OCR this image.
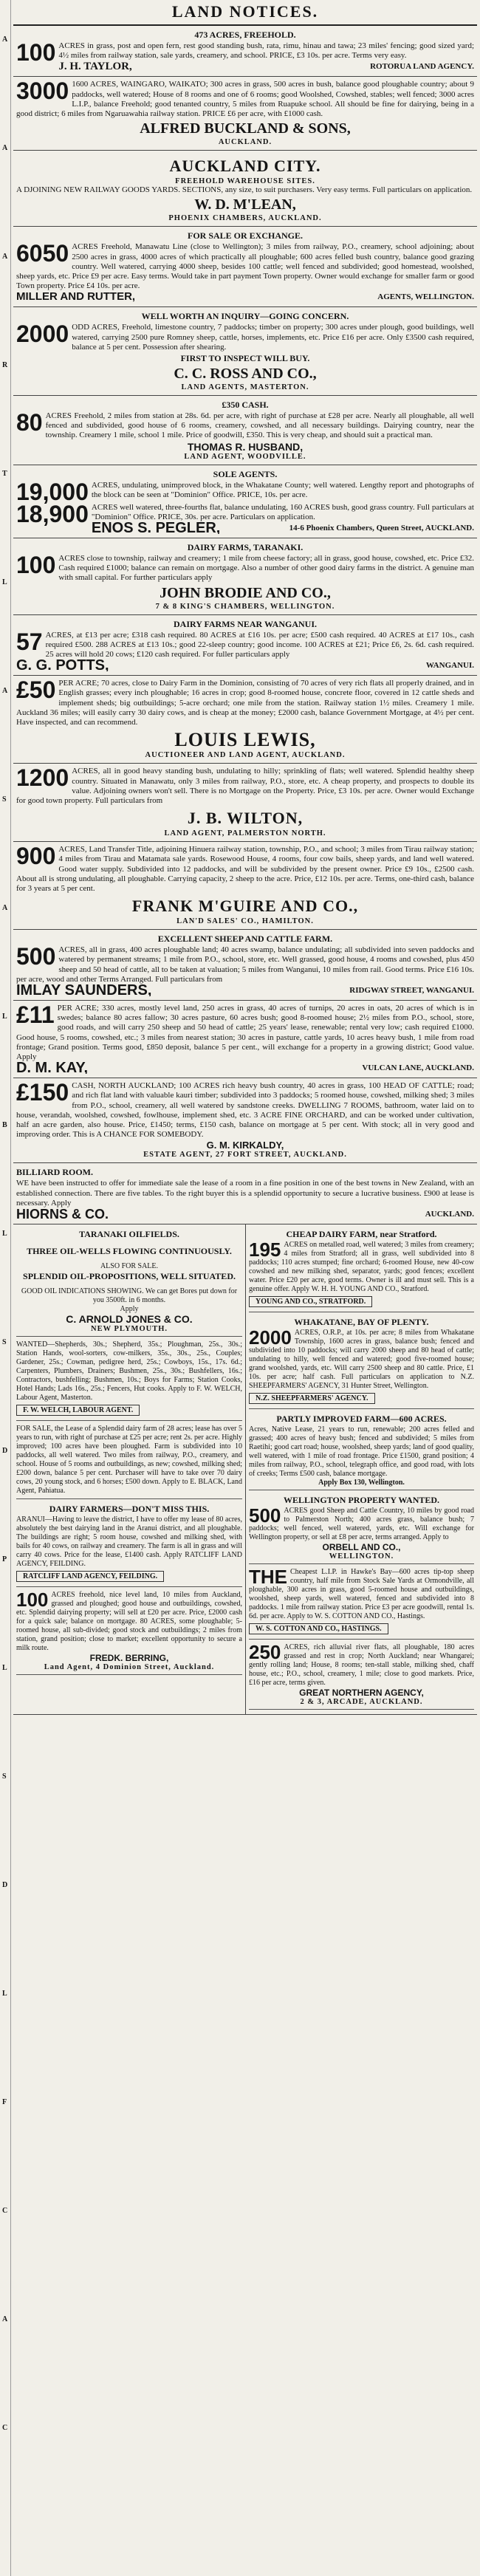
A
A
A
R
T
L
A
S
A
L
B
L
S
D
P
L
S
D
L
F
C
A
C
LAND NOTICES.
473 ACRES, FREEHOLD.
100 ACRES in grass, post and open fern, rest good standing bush, rata, rimu, hinau and tawa; 23 miles' fencing; good sized yard; 4½ miles from railway station, sale yards, creamery, and school. PRICE, £3 10s. per acre. Terms very easy.

J. H. TAYLOR,	ROTORUA LAND AGENCY.
3000 1600 ACRES, WAINGARO, WAIKATO; 300 acres in grass, 500 acres in bush, balance good ploughable country; about 9 paddocks, well watered; House of 8 rooms and one of 6 rooms; good Woolshed, Cowshed, stables; well fenced; 3000 acres L.I.P., balance Freehold; good tenanted country, 5 miles from Ruapuke school. All should be fine for dairying, being in a good district; 6 miles from Ngaruawahia railway station. PRICE £6 per acre, with £1000 cash.

ALFRED BUCKLAND & SONS,
AUCKLAND.
AUCKLAND CITY.
FREEHOLD WAREHOUSE SITES.

A DJOINING NEW RAILWAY GOODS YARDS. SECTIONS, any size, to suit purchasers. Very easy terms. Full particulars on application.

W. D. M'LEAN,
PHOENIX CHAMBERS, AUCKLAND.
FOR SALE OR EXCHANGE.
6050 ACRES Freehold, Manawatu Line (close to Wellington); 3 miles from railway, P.O., creamery, school adjoining; about 2500 acres in grass, 4000 acres of which practically all ploughable; 600 acres felled bush country, balance good grazing country. Well watered, carrying 4000 sheep, besides 100 cattle; well fenced and subdivided; good homestead, woolshed, sheep yards, etc. Price £9 per acre. Easy terms. Would take in part payment Town property. Owner would exchange for smaller farm or good Town property. Price £4 10s. per acre.

MILLER AND RUTTER,	AGENTS, WELLINGTON.
WELL WORTH AN INQUIRY—GOING CONCERN.
2000 ODD ACRES, Freehold, limestone country, 7 paddocks; timber on property; 300 acres under plough, good buildings, well watered, carrying 2500 pure Romney sheep, cattle, horses, implements, etc. Price £16 per acre. Only £3500 cash required, balance at 5 per cent. Possession after shearing.

FIRST TO INSPECT WILL BUY.
C. C. ROSS AND CO.,
LAND AGENTS, MASTERTON.
£350 CASH.
80 ACRES Freehold, 2 miles from station at 28s. 6d. per acre, with right of purchase at £28 per acre. Nearly all ploughable, all well fenced and subdivided, good house of 6 rooms, creamery, cowshed, and all necessary buildings. Dairying country, near the township. Creamery 1 mile, school 1 mile. Price of goodwill, £350. This is very cheap, and should suit a practical man.

THOMAS R. HUSBAND,
LAND AGENT, WOODVILLE.
SOLE AGENTS.
19,000 ACRES, undulating, unimproved block, in the Whakatane County; well watered. Lengthy report and photographs of the block can be seen at "Dominion" Office. PRICE, 10s. per acre.

18,900 ACRES well watered, three-fourths flat, balance undulating, 160 ACRES bush, good grass country. Full particulars at "Dominion" Office. PRICE, 30s. per acre. Particulars on application.

ENOS S. PEGLER,	14-6 Phoenix Chambers, Queen Street, AUCKLAND.
DAIRY FARMS, TARANAKI.
100 ACRES close to township, railway and creamery; 1 mile from cheese factory; all in grass, good house, cowshed, etc. Price £32. Cash required £1000; balance can remain on mortgage. Also a number of other good dairy farms in the district. A genuine man with small capital. For further particulars apply

JOHN BRODIE AND CO.,
7 & 8 KING'S CHAMBERS, WELLINGTON.
DAIRY FARMS NEAR WANGANUI.
57 ACRES, at £13 per acre; £318 cash required. 80 ACRES at £16 10s. per acre; £500 cash required. 40 ACRES at £17 10s., cash required £500. 288 ACRES at £13 10s.; good 22-sleep country; good income. 100 ACRES at £21; Price £6, 2s. 6d. cash required. 25 acres will hold 20 cows; £120 cash required. For fuller particulars apply

G. G. POTTS,	WANGANUI.
£50 PER ACRE; 70 acres, close to Dairy Farm in the Dominion, consisting of 70 acres of very rich flats all properly drained, and in English grasses; every inch ploughable; 16 acres in crop; good 8-roomed house, concrete floor, covered in 12 cattle sheds and implement sheds; big outbuildings; 5-acre orchard; one mile from the station. Railway station 1½ miles. Creamery 1 mile. Auckland 36 miles; will easily carry 30 dairy cows, and is cheap at the money; £2000 cash, balance Government Mortgage, at 4½ per cent. Have inspected, and can recommend.

LOUIS LEWIS,
AUCTIONEER AND LAND AGENT, AUCKLAND.
1200 ACRES, all in good heavy standing bush, undulating to hilly; sprinkling of flats; well watered. Splendid healthy sheep country. Situated in Manawatu, only 3 miles from railway, P.O., store, etc. A cheap property, and prospects to double its value. Adjoining owners won't sell. There is no Mortgage on the Property. Price, £3 10s. per acre. Owner would Exchange for good town property. Full particulars from

J. B. WILTON,
LAND AGENT, PALMERSTON NORTH.
900 ACRES, Land Transfer Title, adjoining Hinuera railway station, township, P.O., and school; 3 miles from Tirau railway station; 4 miles from Tirau and Matamata sale yards. Rosewood House, 4 rooms, four cow bails, sheep yards, and land well watered. Good water supply. Subdivided into 12 paddocks, and will be subdivided by the present owner. Price £9 10s., £2500 cash. About all is strong undulating, all ploughable. Carrying capacity, 2 sheep to the acre. Price, £12 10s. per acre. Terms, one-third cash, balance for 3 years at 5 per cent.

FRANK M'GUIRE AND CO.,
LAN'D SALES' CO., HAMILTON.
EXCELLENT SHEEP AND CATTLE FARM.
500 ACRES, all in grass, 400 acres ploughable land; 40 acres swamp, balance undulating; all subdivided into seven paddocks and watered by permanent streams; 1 mile from P.O., school, store, etc. Well grassed, good house, 4 rooms and cowshed, plus 450 sheep and 50 head of cattle, all to be taken at valuation; 5 miles from Wanganui, 10 miles from rail. Good terms. Price £16 10s. per acre, wood and other Terms Arranged. Full particulars from

IMLAY SAUNDERS,	RIDGWAY STREET, WANGANUI.
£11 PER ACRE; 330 acres, mostly level land, 250 acres in grass, 40 acres of turnips, 20 acres in oats, 20 acres of which is in swedes; balance 80 acres fallow; 30 acres pasture, 60 acres bush; good 8-roomed house; 2½ miles from P.O., school, store, good roads, and will carry 250 sheep and 50 head of cattle; 25 years' lease, renewable; rental very low; cash required £1000. Good house, 5 rooms, cowshed, etc.; 3 miles from nearest station; 30 acres in pasture, cattle yards, 10 acres heavy bush, 1 mile from road frontage; Grand position. Terms good, £850 deposit, balance 5 per cent., will exchange for a property in a growing district; Good value. Apply

D. M. KAY,	VULCAN LANE, AUCKLAND.
£150 CASH, NORTH AUCKLAND; 100 ACRES rich heavy bush country, 40 acres in grass, 100 HEAD OF CATTLE; road; and rich flat land with valuable kauri timber; subdivided into 3 paddocks; 5 roomed house, cowshed, milking shed; 3 miles from P.O., school, creamery, all well watered by sandstone creeks. DWELLING 7 ROOMS, bathroom, water laid on to house, verandah, woolshed, cowshed, fowlhouse, implement shed, etc. 3 ACRE FINE ORCHARD, and can be worked under cultivation, half an acre garden, also house. Price, £1450; terms, £150 cash, balance on mortgage at 5 per cent. With stock; all in very good and improving order. This is A CHANCE FOR SOMEBODY.

G. M. KIRKALDY,
ESTATE AGENT, 27 FORT STREET, AUCKLAND.
BILLIARD ROOM.

WE have been instructed to offer for immediate sale the lease of a room in a fine position in one of the best towns in New Zealand, with an established connection. There are five tables. To the right buyer this is a splendid opportunity to secure a lucrative business. £900 at lease is necessary. Apply

HIORNS & CO.	AUCKLAND.
TARANAKI OILFIELDS.
THREE OIL-WELLS FLOWING CONTINUOUSLY.
ALSO FOR SALE.
SPLENDID OIL-PROPOSITIONS, WELL SITUATED.

GOOD OIL INDICATIONS SHOWING. We can get Bores put down for you 3500ft. in 6 months.

Apply
C. ARNOLD JONES & CO.
NEW PLYMOUTH.

WANTED—Shepherds, 30s.; Shepherd, 35s.; Ploughman, 25s., 30s.; Station Hands, wool-sorters, cow-milkers, 35s., 30s., 25s., Couples; Gardener, 25s.; Cowman, pedigree herd, 25s.; Cowboys, 15s., 17s. 6d.; Carpenters, Plumbers, Drainers; Bushmen, 25s., 30s.; Bushfellers, 16s.; Contractors, bushfelling; Bushmen, 10s.; Boys for Farms; Station Cooks, Hotel Hands; Lads 16s., 25s.; Fencers, Hut cooks. Apply to F. W. WELCH, Labour Agent, Masterton.

F. W. WELCH, LABOUR AGENT.

FOR SALE, the Lease of a Splendid dairy farm of 28 acres; lease has over 5 years to run, with right of purchase at £25 per acre; rent 2s. per acre. Highly improved; 100 acres have been ploughed. Farm is subdivided into 10 paddocks, all well watered. Two miles from railway, P.O., creamery, and school. House of 5 rooms and outbuildings, as new; cowshed, milking shed; £200 down, balance 5 per cent. Purchaser will have to take over 70 dairy cows, 20 young stock, and 6 horses; £500 down. Apply to E. BLACK, Land Agent, Pahiatua.

DAIRY FARMERS—DON'T MISS THIS.

ARANUI—Having to leave the district, I have to offer my lease of 80 acres, absolutely the best dairying land in the Aranui district, and all ploughable. The buildings are right; 5 room house, cowshed and milking shed, with bails for 40 cows, on railway and creamery. The farm is all in grass and will carry 40 cows. Price for the lease, £1400 cash. Apply RATCLIFF LAND AGENCY, FEILDING.

RATCLIFF LAND AGENCY, FEILDING.
100 ACRES freehold, nice level land, 10 miles from Auckland, grassed and ploughed; good house and outbuildings, cowshed, etc. Splendid dairying property; will sell at £20 per acre. Price, £2000 cash for a quick sale; balance on mortgage. 80 ACRES, some ploughable; 5-roomed house, all sub-divided; good stock and outbuildings; 2 miles from station, grand position; close to market; excellent opportunity to secure a milk route.

FREDK. BERRING,
Land Agent, 4 Dominion Street, Auckland.
CHEAP DAIRY FARM, near Stratford.
195 ACRES on metalled road, well watered; 3 miles from creamery; 4 miles from Stratford; all in grass, well subdivided into 8 paddocks; 110 acres stumped; fine orchard; 6-roomed House, new 40-cow cowshed and new milking shed, separator, yards; good fences; excellent water. Price £20 per acre, good terms. Owner is ill and must sell. This is a genuine offer. Apply W. H. H. YOUNG AND CO., Stratford.

YOUNG AND CO., STRATFORD.
WHAKATANE, BAY OF PLENTY.
2000 ACRES, O.R.P., at 10s. per acre; 8 miles from Whakatane Township, 1600 acres in grass, balance bush; fenced and subdivided into 10 paddocks; will carry 2000 sheep and 80 head of cattle; undulating to hilly, well fenced and watered; good five-roomed house; grand woolshed, yards, etc. Will carry 2500 sheep and 80 cattle. Price, £1 10s. per acre; half cash. Full particulars on application to N.Z. SHEEPFARMERS' AGENCY, 31 Hunter Street, Wellington.

N.Z. SHEEPFARMERS' AGENCY.
PARTLY IMPROVED FARM—600 ACRES.

Acres, Native Lease, 21 years to run, renewable; 200 acres felled and grassed; 400 acres of heavy bush; fenced and subdivided; 5 miles from Raetihi; good cart road; house, woolshed, sheep yards; land of good quality, well watered, with 1 mile of road frontage. Price £1500, grand position; 4 miles from railway, P.O., school, telegraph office, and good road, with lots of creeks; Terms £500 cash, balance mortgage.

Apply Box 130, Wellington.
WELLINGTON PROPERTY WANTED.
500 ACRES good Sheep and Cattle Country, 10 miles by good road to Palmerston North; 400 acres grass, balance bush; 7 paddocks; well fenced, well watered, yards, etc. Will exchange for Wellington property, or sell at £8 per acre, terms arranged. Apply to

ORBELL AND CO.,
WELLINGTON.
THE Cheapest L.I.P. in Hawke's Bay—600 acres tip-top sheep country, half mile from Stock Sale Yards at Ormondville, all ploughable, 300 acres in grass, good 5-roomed house and outbuildings, woolshed, sheep yards, well watered, fenced and subdivided into 8 paddocks. 1 mile from railway station. Price £3 per acre goodwill, rental 1s. 6d. per acre. Apply to W. S. COTTON AND CO., Hastings.

W. S. COTTON AND CO., HASTINGS.
250 ACRES, rich alluvial river flats, all ploughable, 180 acres grassed and rest in crop; North Auckland; near Whangarei; gently rolling land; House, 8 rooms; ten-stall stable, milking shed, chaff house, etc.; P.O., school, creamery, 1 mile; close to good markets. Price, £16 per acre, terms given.

GREAT NORTHERN AGENCY,
2 & 3, ARCADE, AUCKLAND.
